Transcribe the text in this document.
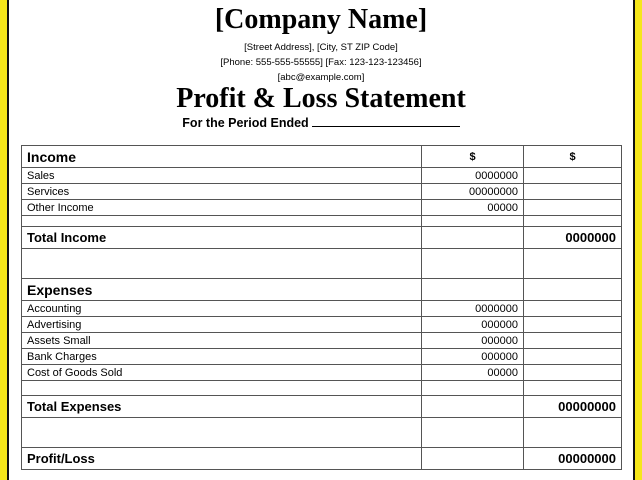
[Company Name]
[Street Address], [City, ST ZIP Code]
[Phone: 555-555-55555] [Fax: 123-123-123456]
[abc@example.com]
Profit & Loss Statement
For the Period Ended
Income	$	$
Sales	0000000	
Services	00000000	
Other Income	00000	

Total Income		0000000

Expenses		
Accounting	0000000	
Advertising	000000	
Assets Small	000000	
Bank Charges	000000	
Cost of Goods Sold	00000	

Total Expenses		00000000

Profit/Loss		00000000
